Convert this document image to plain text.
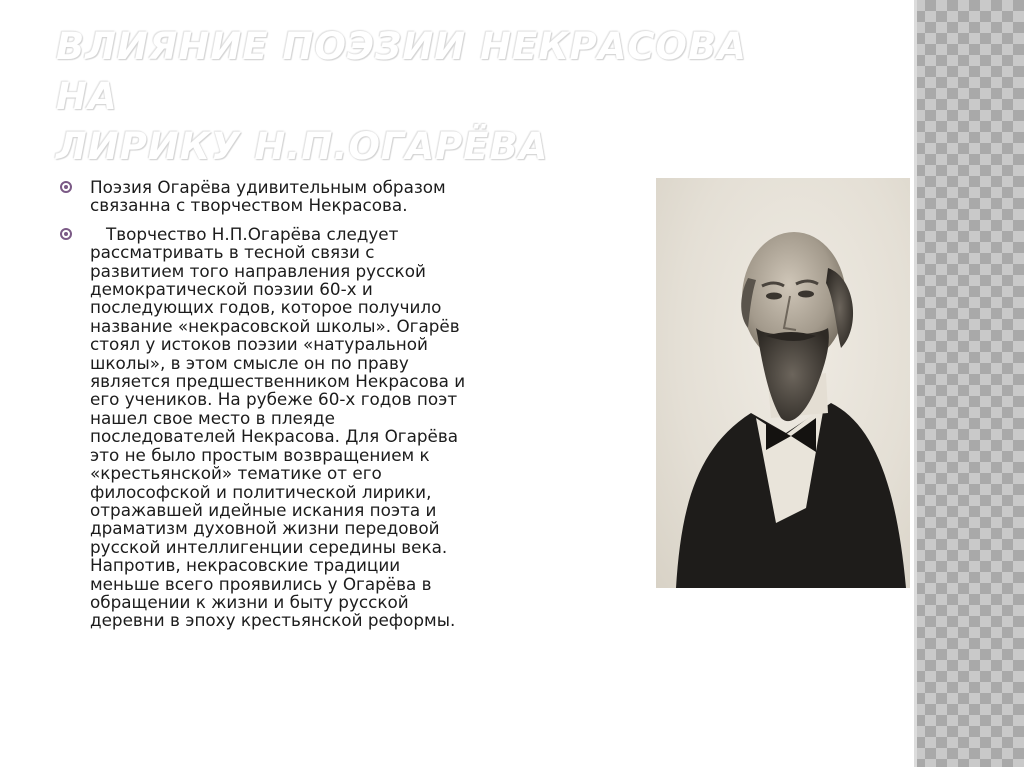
ВЛИЯНИЕ ПОЭЗИИ НЕКРАСОВА НА
ЛИРИКУ Н.П.ОГАРЁВА
Поэзия Огарёва удивительным образом
связанна с творчеством Некрасова.
Творчество Н.П.Огарёва следует
рассматривать в тесной связи с
развитием того направления русской
демократической поэзии 60-х и
последующих годов, которое получило
название «некрасовской школы». Огарёв
стоял у истоков поэзии «натуральной
школы», в этом смысле он по праву
является предшественником Некрасова и
его учеников. На рубеже 60-х годов поэт
нашел свое место в плеяде
последователей Некрасова. Для Огарёва
это не было простым возвращением к
«крестьянской» тематике от его
философской и политической лирики,
отражавшей идейные искания поэта и
драматизм духовной жизни передовой
русской интеллигенции середины века.
Напротив, некрасовские традиции
меньше всего проявились у Огарёва в
обращении к жизни и быту русской
деревни в эпоху крестьянской реформы.
